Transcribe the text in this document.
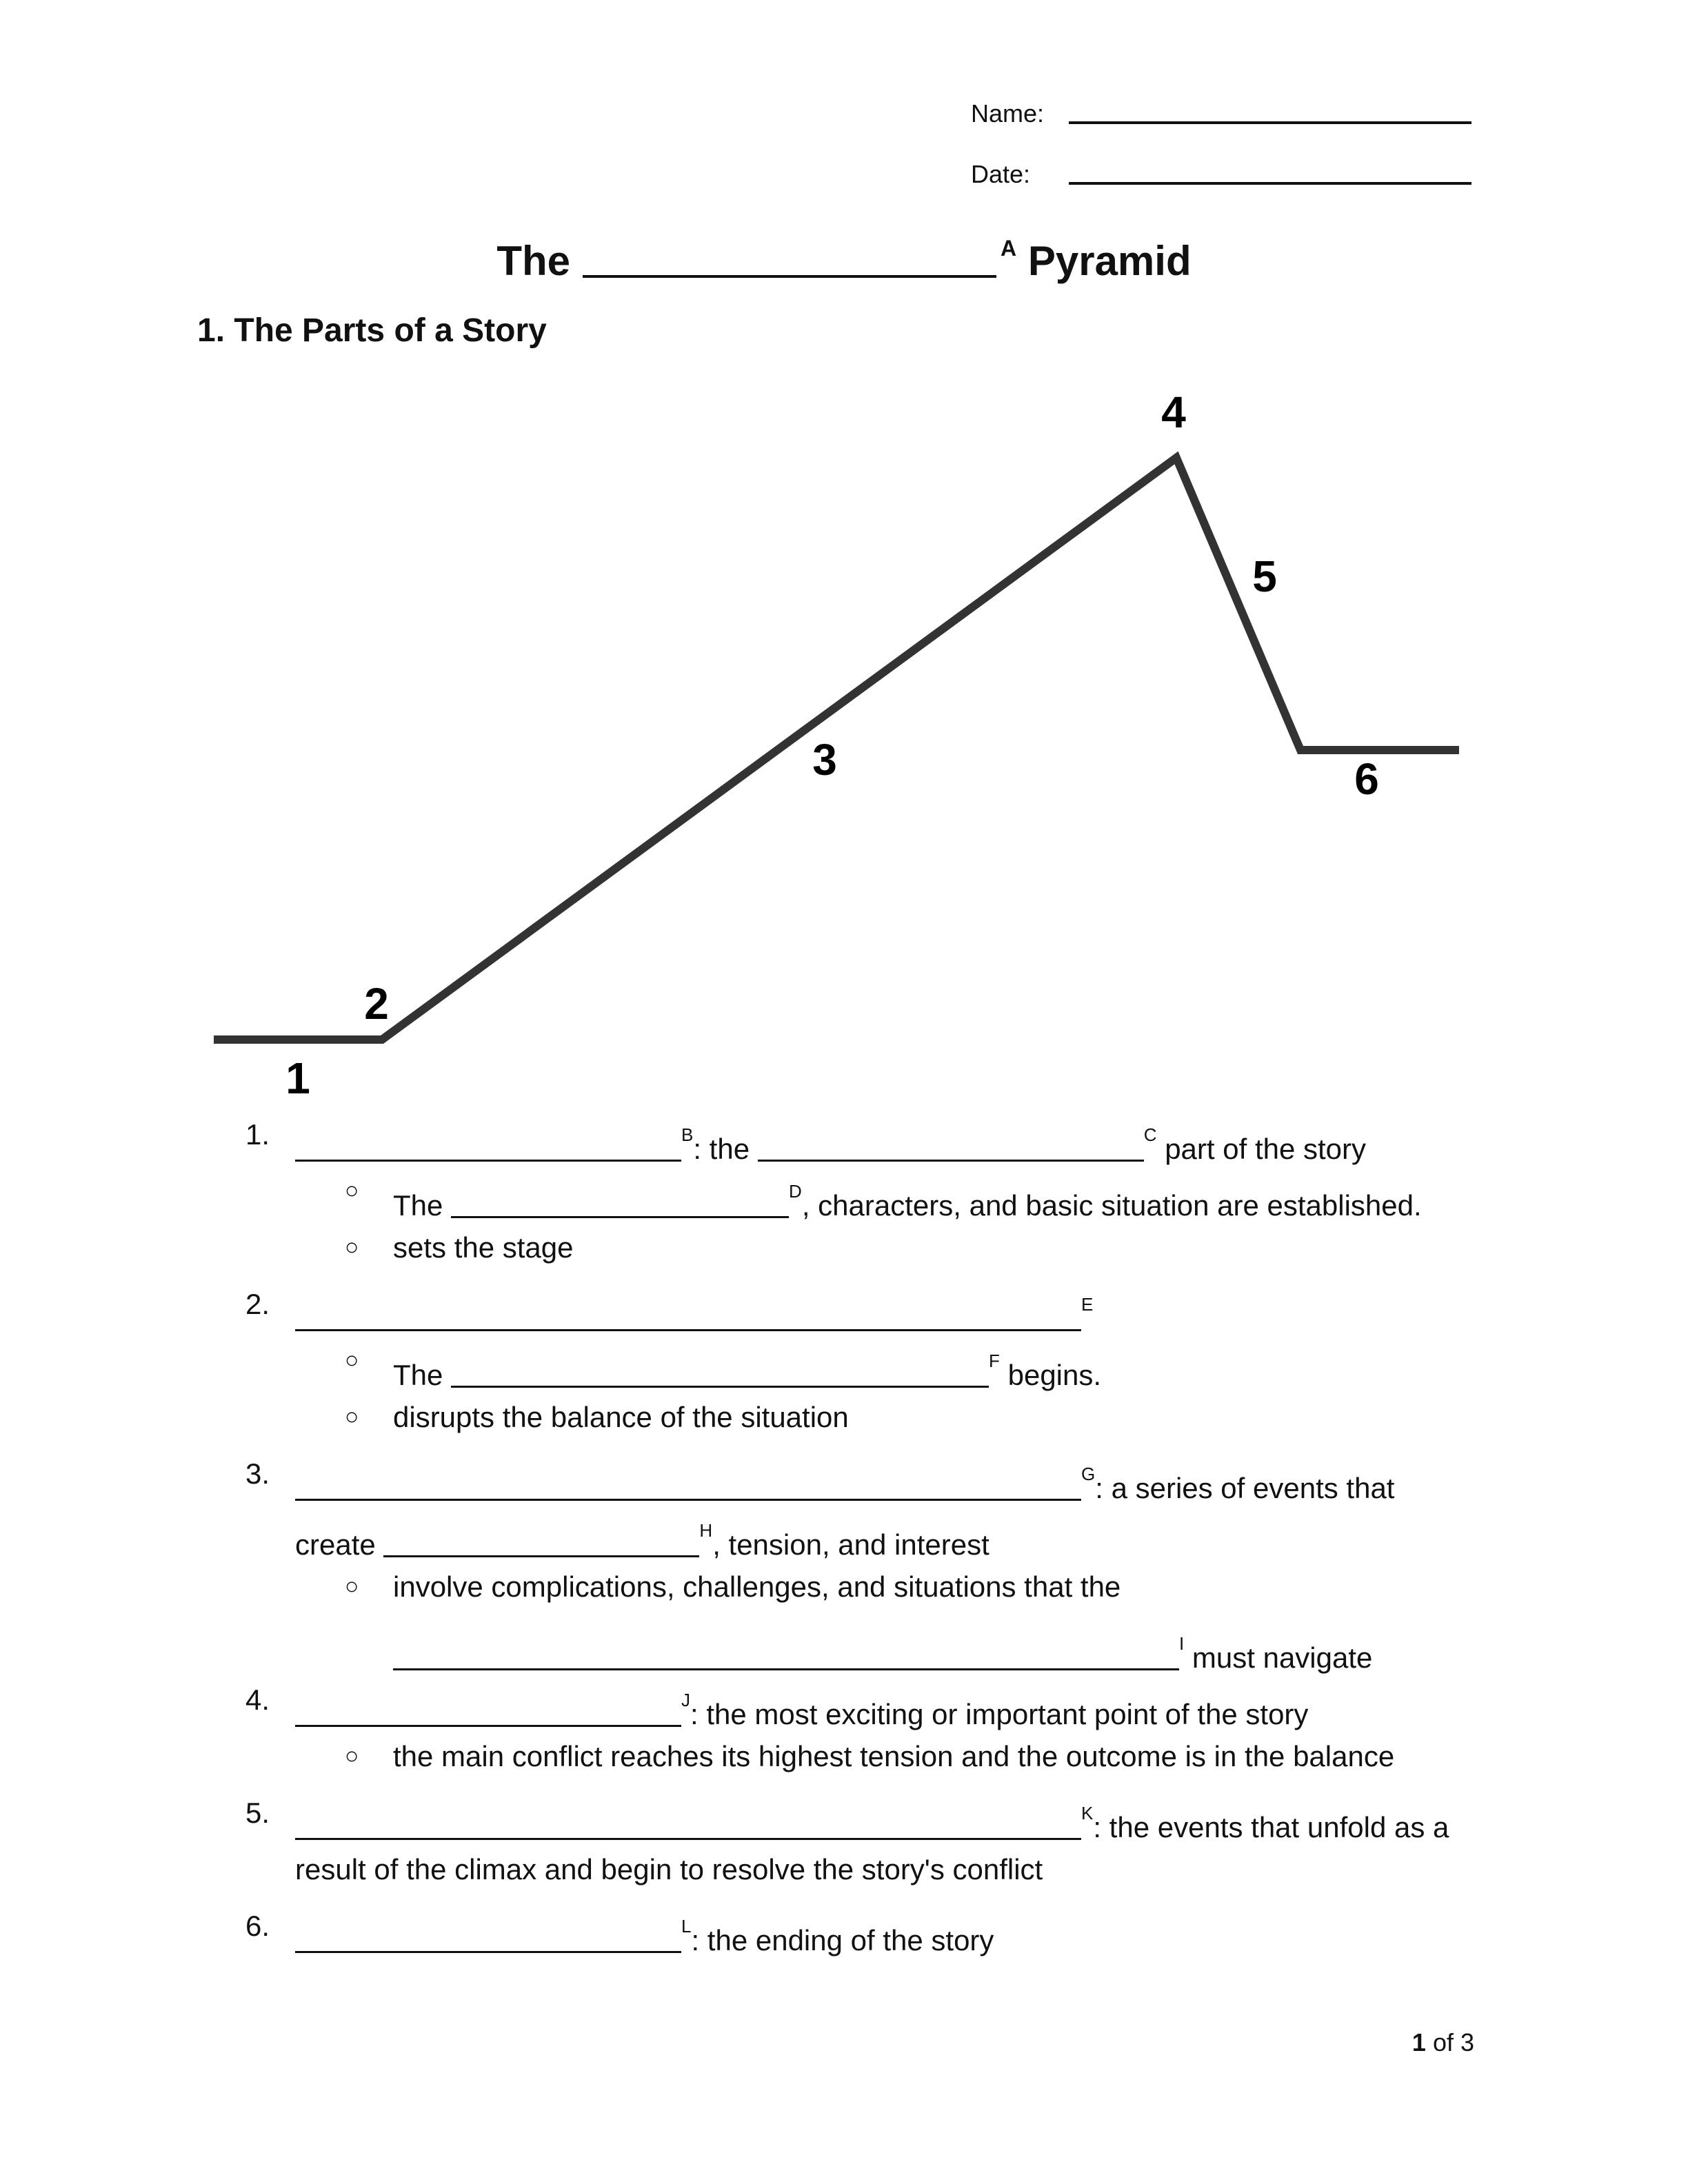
Name:
Date:
The	$^A$ Pyramid
1. The Parts of a Story
1
2
3
4
5
6
1.	$^B$: the	$^C$ part of the story
○ The	$^D$, characters, and basic situation are established.
○ sets the stage
2.	$^E$
○ The	$^F$ begins.
○ disrupts the balance of the situation
3.	$^G$: a series of events that
create	$^H$, tension, and interest
○ involve complications, challenges, and situations that the
$^I$ must navigate
4.	$^J$: the most exciting or important point of the story
○ the main conflict reaches its highest tension and the outcome is in the balance
5.	$^K$: the events that unfold as a
result of the climax and begin to resolve the story's conflict
6.	$^L$: the ending of the story
1 of 3
